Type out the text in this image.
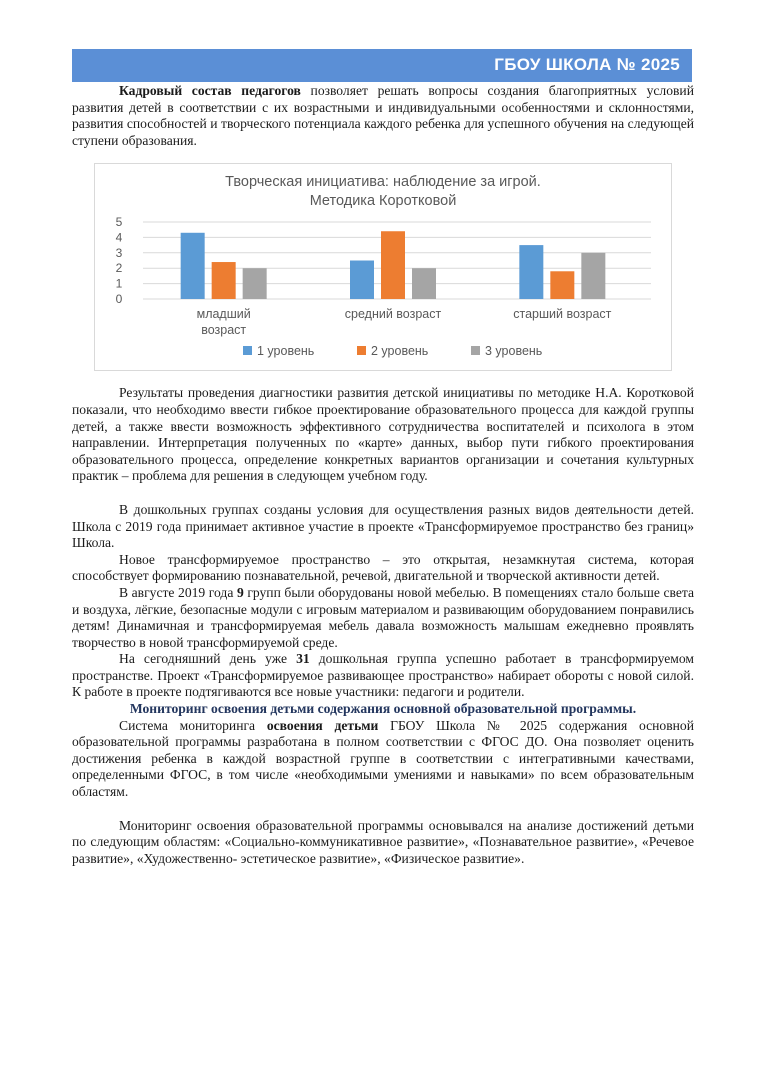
ГБОУ ШКОЛА № 2025

Кадровый состав педагогов позволяет решать вопросы создания благоприятных условий развития детей в соответствии с их возрастными и индивидуальными особенностями и склонностями, развития способностей и творческого потенциала каждого ребенка для успешного обучения на следующей ступени образования.

Творческая инициатива: наблюдение за игрой.
Методика Коротковой
0
1
2
3
4
5
младший
возраст
средний возраст	старший возраст
1 уровень	2 уровень	3 уровень

Результаты проведения диагностики развития детской инициативы по методике Н.А. Коротковой показали, что необходимо ввести гибкое проектирование образовательного процесса для каждой группы детей, а также ввести возможность эффективного сотрудничества воспитателей и психолога в этом направлении. Интерпретация полученных по «карте» данных, выбор пути гибкого проектирования образовательного процесса, определение конкретных вариантов организации и сочетания культурных практик – проблема для решения в следующем учебном году.

В дошкольных группах созданы условия для осуществления разных видов деятельности детей. Школа с 2019 года принимает активное участие в проекте «Трансформируемое пространство без границ» Школа.

Новое трансформируемое пространство – это открытая, незамкнутая система, которая способствует формированию познавательной, речевой, двигательной и творческой активности детей.

В августе 2019 года 9 групп были оборудованы новой мебелью. В помещениях стало больше света и воздуха, лёгкие, безопасные модули с игровым материалом и развивающим оборудованием понравились детям! Динамичная и трансформируемая мебель давала возможность малышам ежедневно проявлять творчество в новой трансформируемой среде.

На сегодняшний день уже 31 дошкольная группа успешно работает в трансформируемом пространстве. Проект «Трансформируемое развивающее пространство» набирает обороты с новой силой. К работе в проекте подтягиваются все новые участники: педагоги и родители.

Мониторинг освоения детьми содержания основной образовательной программы.

Система мониторинга освоения детьми ГБОУ Школа № 2025 содержания основной образовательной программы разработана в полном соответствии с ФГОС ДО. Она позволяет оценить достижения ребенка в каждой возрастной группе в соответствии с интегративными качествами, определенными ФГОС, в том числе «необходимыми умениями и навыками» по всем образовательным областям.

Мониторинг освоения образовательной программы основывался на анализе достижений детьми по следующим областям: «Социально-коммуникативное развитие», «Познавательное развитие», «Речевое развитие», «Художественно- эстетическое развитие», «Физическое развитие».
